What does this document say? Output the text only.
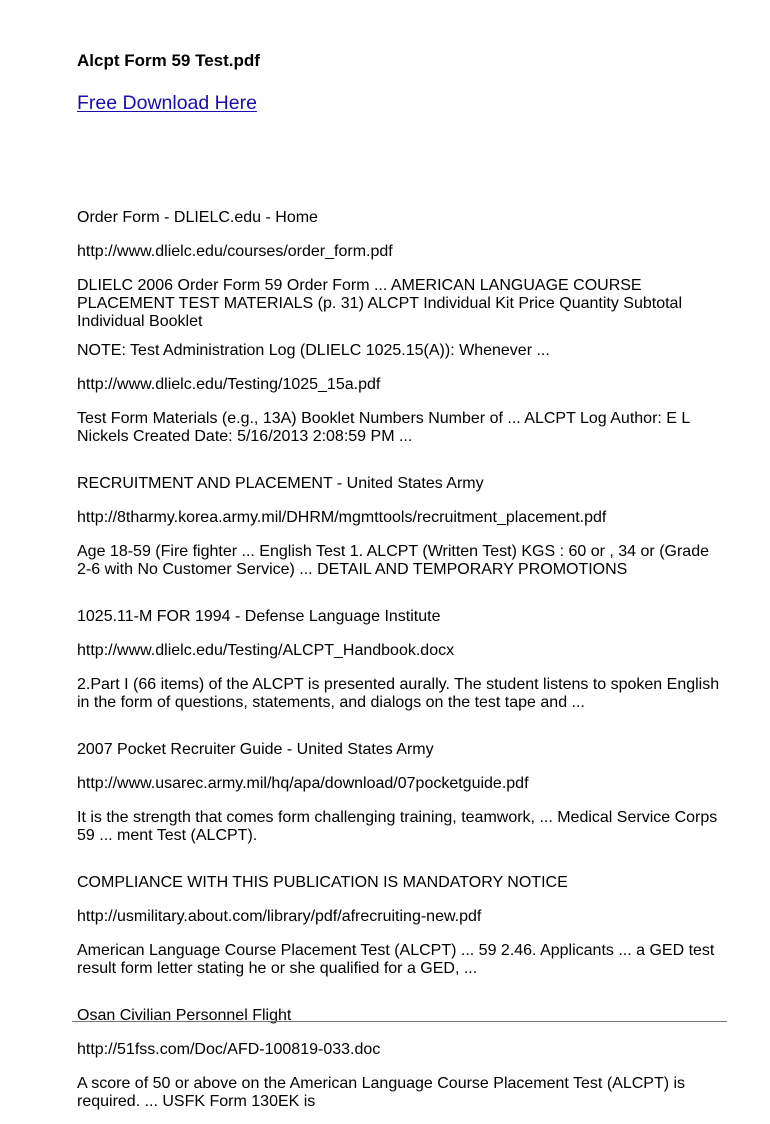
Alcpt Form 59 Test.pdf
Free Download Here

Order Form - DLIELC.edu - Home

http://www.dlielc.edu/courses/order_form.pdf

DLIELC 2006 Order Form 59 Order Form ... AMERICAN LANGUAGE COURSE PLACEMENT TEST MATERIALS (p. 31) ALCPT Individual Kit Price Quantity Subtotal Individual Booklet

NOTE: Test Administration Log (DLIELC 1025.15(A)): Whenever ...

http://www.dlielc.edu/Testing/1025_15a.pdf

Test Form Materials (e.g., 13A) Booklet Numbers Number of ... ALCPT Log Author: E L Nickels Created Date: 5/16/2013 2:08:59 PM ...

RECRUITMENT AND PLACEMENT - United States Army

http://8tharmy.korea.army.mil/DHRM/mgmttools/recruitment_placement.pdf

Age 18-59 (Fire fighter ... English Test 1. ALCPT (Written Test) KGS : 60 or , 34 or (Grade 2-6 with No Customer Service) ... DETAIL AND TEMPORARY PROMOTIONS

1025.11-M FOR 1994 - Defense Language Institute

http://www.dlielc.edu/Testing/ALCPT_Handbook.docx

2.Part I (66 items) of the ALCPT is presented aurally. The student listens to spoken English in the form of questions, statements, and dialogs on the test tape and ...

2007 Pocket Recruiter Guide - United States Army

http://www.usarec.army.mil/hq/apa/download/07pocketguide.pdf

It is the strength that comes form challenging training, teamwork, ... Medical Service Corps 59 ... ment Test (ALCPT).

COMPLIANCE WITH THIS PUBLICATION IS MANDATORY NOTICE

http://usmilitary.about.com/library/pdf/afrecruiting-new.pdf

American Language Course Placement Test (ALCPT) ... 59 2.46. Applicants ... a GED test result form letter stating he or she qualified for a GED, ...

Osan Civilian Personnel Flight

http://51fss.com/Doc/AFD-100819-033.doc

A score of 50 or above on the American Language Course Placement Test (ALCPT) is required. ... USFK Form 130EK is
